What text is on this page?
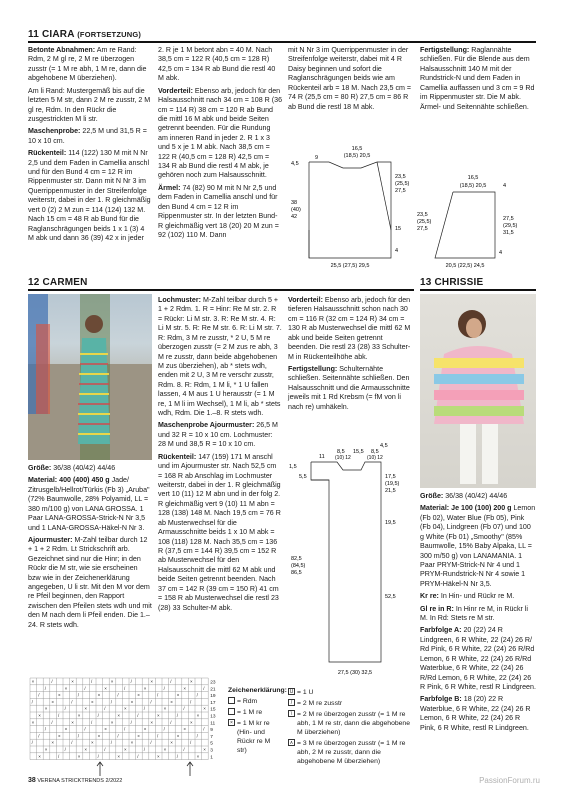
11 CIARA (FORTSETZUNG)

Betonte Abnahmen: Am re Rand: Rdm, 2 M gl re, 2 M re überzogen zusstr (= 1 M re abh, 1 M re, dann die abgehobene M überziehen).

Am li Rand: Mustergemäß bis auf die letzten 5 M str, dann 2 M re zusstr, 2 M gl re, Rdm. In den Rückr die zusgestrickten M li str.

Maschenprobe: 22,5 M und 31,5 R = 10 x 10 cm.

Rückenteil: 114 (122) 130 M mit N Nr 2,5 und dem Faden in Camellia anschl und für den Bund 4 cm = 12 R im Rippenmuster str. Dann mit N Nr 3 im Querrippenmuster in der Streifenfolge weiterstr, dabei in der 1. R gleichmäßig vert 0 (2) 2 M zun = 114 (124) 132 M. Nach 15 cm = 48 R ab Bund für die Raglanschrägungen beids 1 x 1 (3) 4 M abk und dann 36 (39) 42 x in jeder

2. R je 1 M betont abn = 40 M. Nach 38,5 cm = 122 R (40,5 cm = 128 R) 42,5 cm = 134 R ab Bund die restl 40 M abk.

Vorderteil: Ebenso arb, jedoch für den Halsausschnitt nach 34 cm = 108 R (36 cm = 114 R) 38 cm = 120 R ab Bund die mittl 16 M abk und beide Seiten getrennt beenden. Für die Rundung am inneren Rand in jeder 2. R 1 x 3 und 5 x je 1 M abk. Nach 38,5 cm = 122 R (40,5 cm = 128 R) 42,5 cm = 134 R ab Bund die restl 4 M abk, je gehören noch zum Halsausschnitt.

Ärmel: 74 (82) 90 M mit N Nr 2,5 und dem Faden in Camellia anschl und für den Bund 4 cm = 12 R im Rippenmuster str. In der letzten Bund-R gleichmäßig vert 18 (20) 20 M zun = 92 (102) 110 M. Dann

mit N Nr 3 im Querrippenmuster in der Streifenfolge weiterstr, dabei mit 4 R Daisy beginnen und sofort die Raglanschrägungen beids wie am Rückenteil arb = 18 M. Nach 23,5 cm = 74 R (25,5 cm = 80 R) 27,5 cm = 86 R ab Bund die restl 18 M abk.

Fertigstellung: Raglannähte schließen. Für die Blende aus dem Halsausschnitt 140 M mit der Rundstrick-N und dem Faden in Camellia auffassen und 3 cm = 9 Rd im Rippenmuster str. Die M abk. Ärmel- und Seitennähte schließen.

16,5
(18,5) 20,5
9
4,5
38
(40)
42
23,5
(25,5)
27,5
15
4
25,5 (27,5) 29,5
16,5
(18,5) 20,5	4
23,5
(25,5)
27,5
27,5
(29,5)
31,5
4
20,5 (22,5) 24,5
12 CARMEN

Größe: 36/38 (40/42) 44/46

Material: 400 (400) 450 g Jade/ Zitrusgelb/Hellrot/Türkis (Fb 3) „Aruba" (72% Baumwolle, 28% Polyamid, LL = 380 m/100 g) von LANA GROSSA. 1 Paar LANA-GROSSA-Strick-N Nr 3,5 und 1 LANA-GROSSA-Häkel-N Nr 3.

Ajourmuster: M-Zahl teilbar durch 12 + 1 + 2 Rdm. Lt Strickschrift arb. Gezeichnet sind nur die Hinr; in den Rückr die M str, wie sie erscheinen bzw wie in der Zeichenerklärung angegeben, U li str. Mit den M vor dem re Pfeil beginnen, den Rapport zwischen den Pfeilen stets wdh und mit den M nach dem li Pfeil enden. Die 1.–24. R stets wdh.

Lochmuster: M-Zahl teilbar durch 5 + 1 + 2 Rdm. 1. R = Hinr: Re M str. 2. R = Rückr: Li M str. 3. R: Re M str. 4. R: Li M str. 5. R: Re M str. 6. R: Li M str. 7. R: Rdm, 3 M re zusstr, * 2 U, 5 M re überzogen zusstr (= 2 M zus re abh, 3 M re zusstr, dann beide abgehobenen M zus überziehen), ab * stets wdh, enden mit 2 U, 3 M re verschr zusstr, Rdm. 8. R: Rdm, 1 M li, * 1 U fallen lassen, 4 M aus 1 U herausstr (= 1 M re, 1 M li im Wechsel), 1 M li, ab * stets wdh, Rdm. Die 1.–8. R stets wdh.

Maschenprobe Ajourmuster: 26,5 M und 32 R = 10 x 10 cm. Lochmuster: 28 M und 38,5 R = 10 x 10 cm.

Rückenteil: 147 (159) 171 M anschl und im Ajourmuster str. Nach 52,5 cm = 168 R ab Anschlag im Lochmuster weiterstr, dabei in der 1. R gleichmäßig vert 10 (11) 12 M abn und in der folg 2. R gleichmäßig vert 9 (10) 11 M abn = 128 (138) 148 M. Nach 19,5 cm = 76 R ab Musterwechsel für die Armausschnitte beids 1 x 10 M abk = 108 (118) 128 M. Nach 35,5 cm = 136 R (37,5 cm = 144 R) 39,5 cm = 152 R ab Musterwechsel für den Halsausschnitt die mittl 62 M abk und beide Seiten getrennt beenden. Nach 37 cm = 142 R (39 cm = 150 R) 41 cm = 158 R ab Musterwechsel die restl 23 (28) 33 Schulter-M abk.

Vorderteil: Ebenso arb, jedoch für den tieferen Halsausschnitt schon nach 30 cm = 116 R (32 cm = 124 R) 34 cm = 130 R ab Musterwechsel die mittl 62 M abk und beide Seiten getrennt beenden. Die restl 23 (28) 33 Schulter-M in Rückenteilhöhe abk.

Fertigstellung: Schulternähte schließen. Seitennähte schließen. Den Halsausschnitt und die Armausschnitte jeweils mit 1 Rd Krebsm (= fM von li nach re) umhäkeln.

4,5
8,5 15,5 8,5
(10) 12	(10) 12
11
1,5
5,5	17,5
(19,5)
21,5
19,5
82,5
(84,5)
86,5
52,5
27,5 (30) 32,5
×	/	×	/	×	/	×	/	×
/	×	/	×	/	×	/	×	/
/	×	/	×	/	×	/	×	/
/	×	/	×	/	×	/	×	/
×	/	×	/	×	/	×	/	×
×	/	×	/	×	/	×	/	×
×	/	×	/	×	/	×	/	×
/	×	/	×	/	×	/	×	/
/	×	/	×	/	×	/	×	/
/	×	/	×	/	×	/	×	/
×	/	×	/	×	/	×	/	×
×	/	×	/	×	/	×	/	×
23
21
19
17
15
13
11
9
7
5
3
1
Zeichenerklärung:
= Rdm
= 1 M re
× = 1 M kr re (Hin- und Rückr re M str)
U = 1 U
/ = 2 M re zusstr
\ = 2 M re überzogen zusstr (= 1 M re abh, 1 M re str, dann die abgehobene M überziehen)
∧ = 3 M re überzogen zusstr (= 1 M re abh, 2 M re zusstr, dann die abgehobene M überziehen)
13 CHRISSIE

Größe: 36/38 (40/42) 44/46

Material: Je 100 (100) 200 g Lemon (Fb 02), Water Blue (Fb 05), Pink (Fb 04), Lindgreen (Fb 07) und 100 g White (Fb 01) „Smoothy" (85% Baumwolle, 15% Baby Alpaka, LL = 300 m/50 g) von LANAMANIA. 1 Paar PRYM-Strick-N Nr 4 und 1 PRYM-Rundstrick-N Nr 4 sowie 1 PRYM-Häkel-N Nr 3,5.

Kr re: In Hin- und Rückr re M.

Gl re in R: In Hinr re M, in Rückr li M. In Rd: Stets re M str.

Farbfolge A: 20 (22) 24 R Lindgreen, 6 R White, 22 (24) 26 R/ Rd Pink, 6 R White, 22 (24) 26 R/Rd Lemon, 6 R White, 22 (24) 26 R/Rd Waterblue, 6 R White, 22 (24) 26 R/Rd Lemon, 6 R White, 22 (24) 26 R Pink, 6 R White, restl R Lindgreen.

Farbfolge B: 18 (20) 22 R Waterblue, 6 R White, 22 (24) 26 R Lemon, 6 R White, 22 (24) 26 R Pink, 6 R White, restl R Lindgreen.

38 VERENA STRICKTRENDS 2/2022	PassionForum.ru
